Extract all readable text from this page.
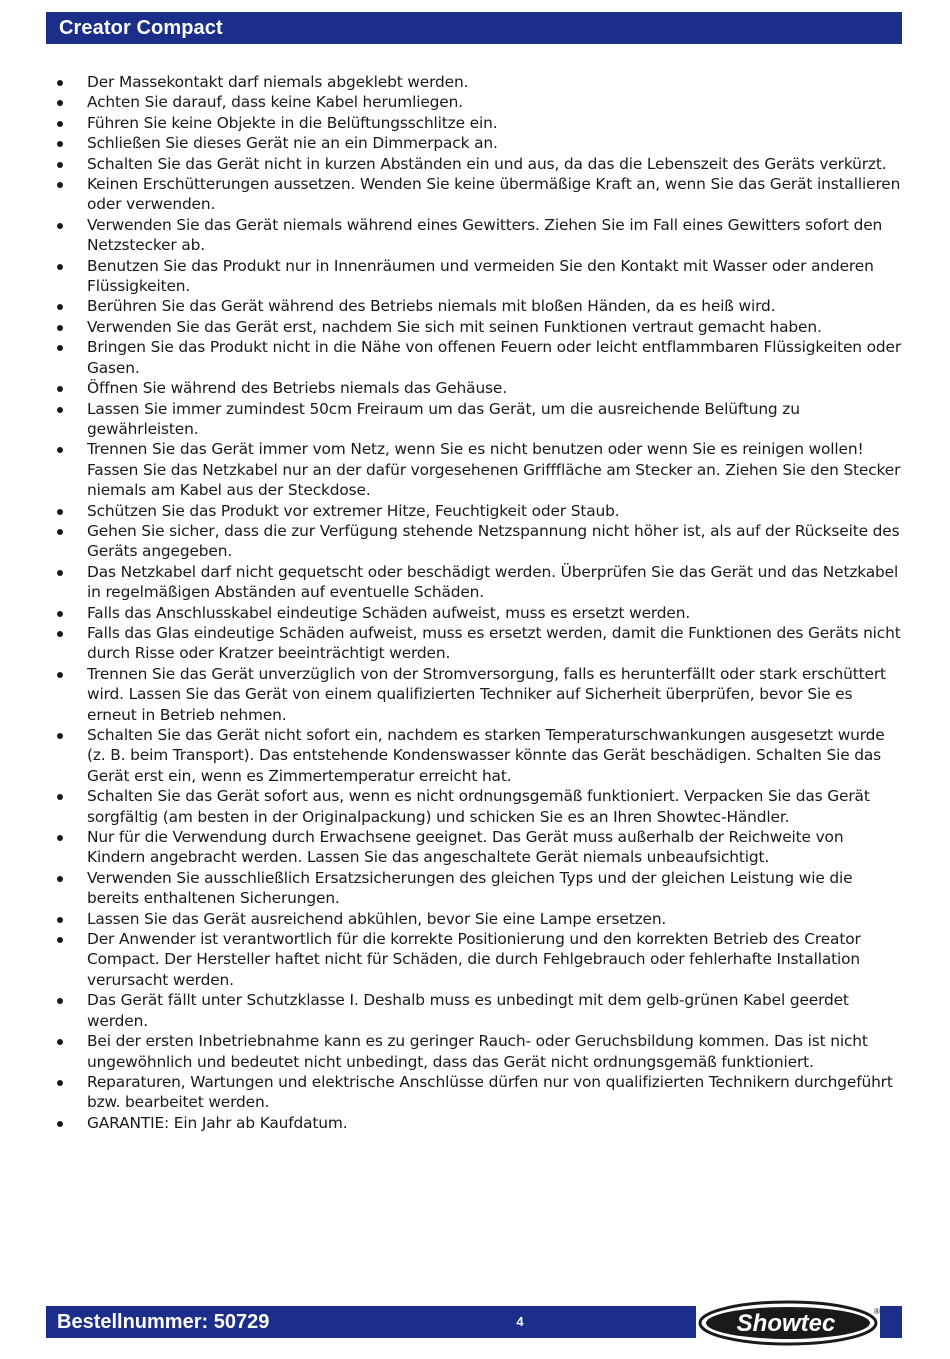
Creator Compact
Der Massekontakt darf niemals abgeklebt werden.
Achten Sie darauf, dass keine Kabel herumliegen.
Führen Sie keine Objekte in die Belüftungsschlitze ein.
Schließen Sie dieses Gerät nie an ein Dimmerpack an.
Schalten Sie das Gerät nicht in kurzen Abständen ein und aus, da das die Lebenszeit des Geräts verkürzt.
Keinen Erschütterungen aussetzen. Wenden Sie keine übermäßige Kraft an, wenn Sie das Gerät installieren oder verwenden.
Verwenden Sie das Gerät niemals während eines Gewitters. Ziehen Sie im Fall eines Gewitters sofort den Netzstecker ab.
Benutzen Sie das Produkt nur in Innenräumen und vermeiden Sie den Kontakt mit Wasser oder anderen Flüssigkeiten.
Berühren Sie das Gerät während des Betriebs niemals mit bloßen Händen, da es heiß wird.
Verwenden Sie das Gerät erst, nachdem Sie sich mit seinen Funktionen vertraut gemacht haben.
Bringen Sie das Produkt nicht in die Nähe von offenen Feuern oder leicht entflammbaren Flüssigkeiten oder Gasen.
Öffnen Sie während des Betriebs niemals das Gehäuse.
Lassen Sie immer zumindest 50cm Freiraum um das Gerät, um die ausreichende Belüftung zu gewährleisten.
Trennen Sie das Gerät immer vom Netz, wenn Sie es nicht benutzen oder wenn Sie es reinigen wollen! Fassen Sie das Netzkabel nur an der dafür vorgesehenen Grifffläche am Stecker an. Ziehen Sie den Stecker niemals am Kabel aus der Steckdose.
Schützen Sie das Produkt vor extremer Hitze, Feuchtigkeit oder Staub.
Gehen Sie sicher, dass die zur Verfügung stehende Netzspannung nicht höher ist, als auf der Rückseite des Geräts angegeben.
Das Netzkabel darf nicht gequetscht oder beschädigt werden. Überprüfen Sie das Gerät und das Netzkabel in regelmäßigen Abständen auf eventuelle Schäden.
Falls das Anschlusskabel eindeutige Schäden aufweist, muss es ersetzt werden.
Falls das Glas eindeutige Schäden aufweist, muss es ersetzt werden, damit die Funktionen des Geräts nicht durch Risse oder Kratzer beeinträchtigt werden.
Trennen Sie das Gerät unverzüglich von der Stromversorgung, falls es herunterfällt oder stark erschüttert wird. Lassen Sie das Gerät von einem qualifizierten Techniker auf Sicherheit überprüfen, bevor Sie es erneut in Betrieb nehmen.
Schalten Sie das Gerät nicht sofort ein, nachdem es starken Temperaturschwankungen ausgesetzt wurde (z. B. beim Transport). Das entstehende Kondenswasser könnte das Gerät beschädigen. Schalten Sie das Gerät erst ein, wenn es Zimmertemperatur erreicht hat.
Schalten Sie das Gerät sofort aus, wenn es nicht ordnungsgemäß funktioniert. Verpacken Sie das Gerät sorgfältig (am besten in der Originalpackung) und schicken Sie es an Ihren Showtec-Händler.
Nur für die Verwendung durch Erwachsene geeignet. Das Gerät muss außerhalb der Reichweite von Kindern angebracht werden. Lassen Sie das angeschaltete Gerät niemals unbeaufsichtigt.
Verwenden Sie ausschließlich Ersatzsicherungen des gleichen Typs und der gleichen Leistung wie die bereits enthaltenen Sicherungen.
Lassen Sie das Gerät ausreichend abkühlen, bevor Sie eine Lampe ersetzen.
Der Anwender ist verantwortlich für die korrekte Positionierung und den korrekten Betrieb des Creator Compact. Der Hersteller haftet nicht für Schäden, die durch Fehlgebrauch oder fehlerhafte Installation verursacht werden.
Das Gerät fällt unter Schutzklasse I. Deshalb muss es unbedingt mit dem gelb-grünen Kabel geerdet werden.
Bei der ersten Inbetriebnahme kann es zu geringer Rauch- oder Geruchsbildung kommen. Das ist nicht ungewöhnlich und bedeutet nicht unbedingt, dass das Gerät nicht ordnungsgemäß funktioniert.
Reparaturen, Wartungen und elektrische Anschlüsse dürfen nur von qualifizierten Technikern durchgeführt bzw. bearbeitet werden.
GARANTIE: Ein Jahr ab Kaufdatum.
Bestellnummer: 50729	4	Showtec	®
